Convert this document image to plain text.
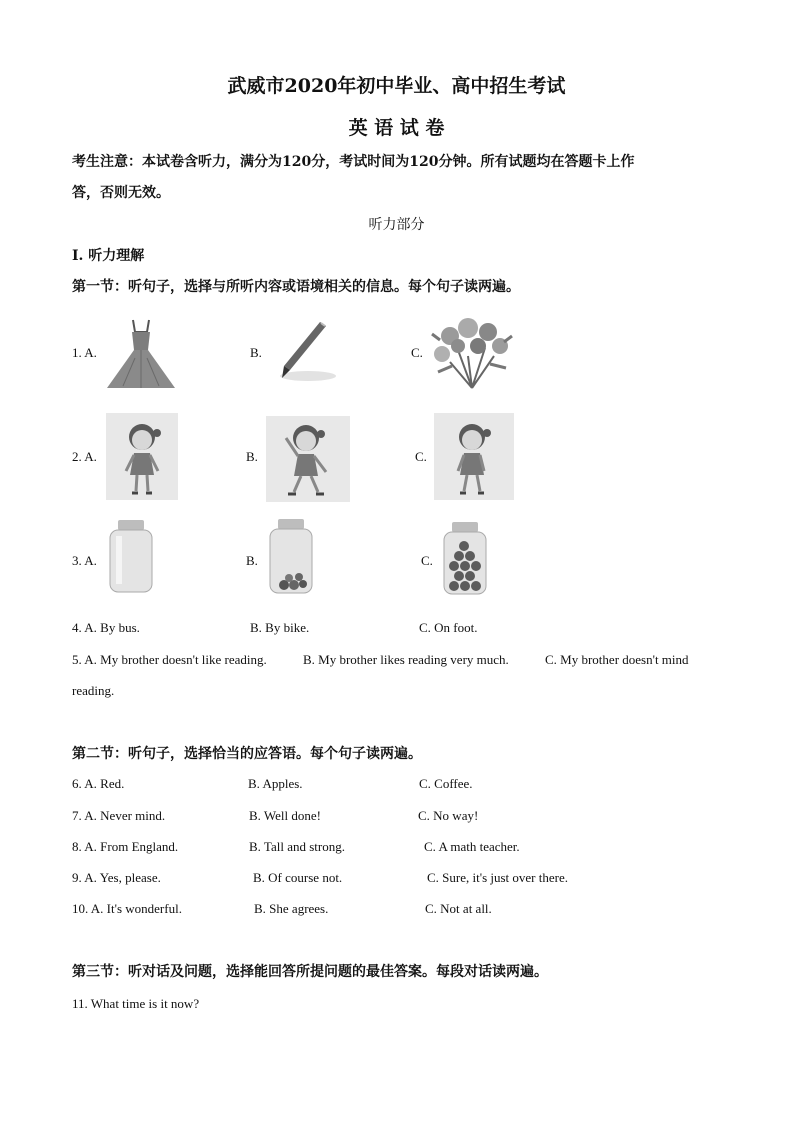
武威市2020年初中毕业、高中招生考试
英 语 试 卷
考生注意：本试卷含听力，满分为120分，考试时间为120分钟。所有试题均在答题卡上作
答，否则无效。
听力部分
I. 听力理解
第一节：听句子，选择与所听内容或语境相关的信息。每个句子读两遍。
1. A.	B.	C.
2. A.	B.	C.
3. A.	B.	C.
4. A. By bus.	B. By bike.	C. On foot.
5. A. My brother doesn't like reading.	B. My brother likes reading very much.	C. My brother doesn't mind
reading.
第二节：听句子，选择恰当的应答语。每个句子读两遍。
6. A. Red.	B. Apples.	C. Coffee.
7. A. Never mind.	B. Well done!	C. No way!
8. A. From England.	B. Tall and strong.	C. A math teacher.
9. A. Yes, please.	B. Of course not.	C. Sure, it's just over there.
10. A. It's wonderful.	B. She agrees.	C. Not at all.
第三节：听对话及问题，选择能回答所提问题的最佳答案。每段对话读两遍。
11. What time is it now?
